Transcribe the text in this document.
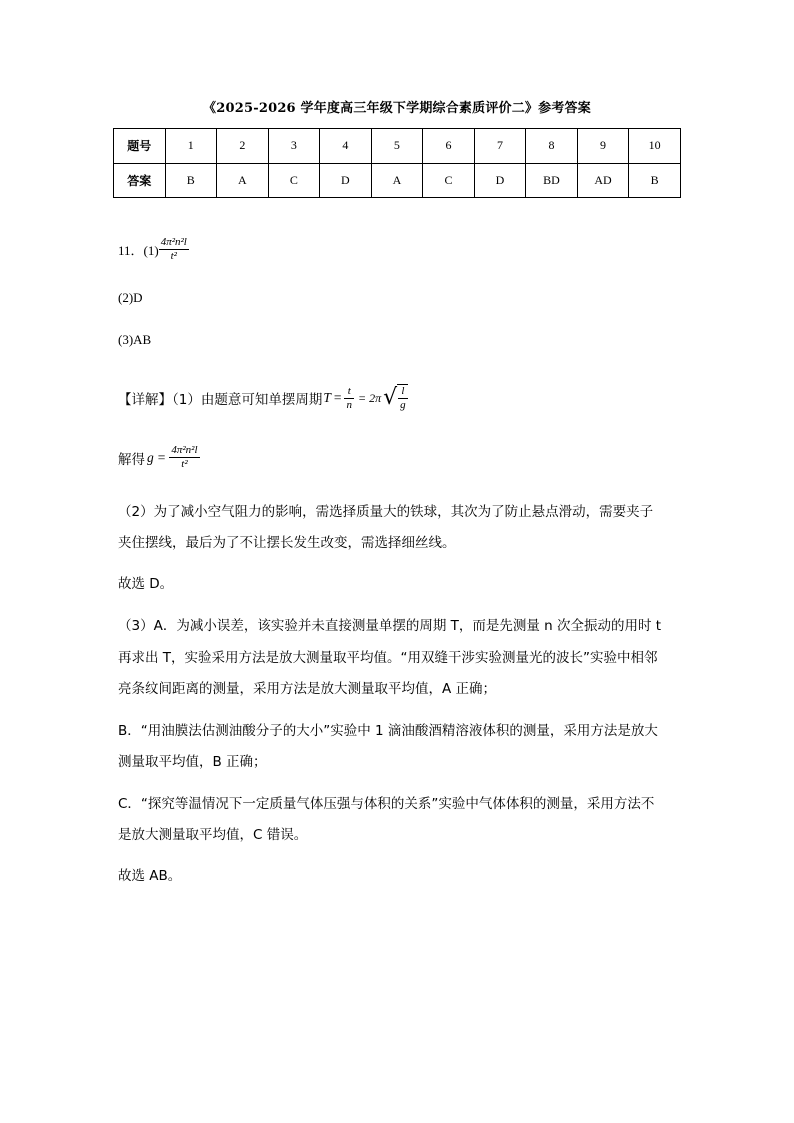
《2025-2026 学年度高三年级下学期综合素质评价二》参考答案
题号	1	2	3	4	5	6	7	8	9	10
答案	B	A	C	D	A	C	D	BD	AD	B
11．$(1) \frac{\text{4π²n²l}}{\text{t²}}$
(2)D
(3)AB
【详解】（1）由题意可知单摆周期 $T = \frac{t}{n} = 2\pi$ √ $\frac{l}{g}$
解得 $g = \frac{\text{4π²n²l}}{\text{t²}}$
（2）为了减小空气阻力的影响，需选择质量大的铁球，其次为了防止悬点滑动，需要夹子
夹住摆线，最后为了不让摆长发生改变，需选择细丝线。
故选 D。
（3）A．为减小误差，该实验并未直接测量单摆的周期 T，而是先测量 n 次全振动的用时 t
再求出 T，实验采用方法是放大测量取平均值。“用双缝干涉实验测量光的波长”实验中相邻
亮条纹间距离的测量，采用方法是放大测量取平均值，A 正确；
B．“用油膜法估测油酸分子的大小”实验中 1 滴油酸酒精溶液体积的测量，采用方法是放大
测量取平均值，B 正确；
C．“探究等温情况下一定质量气体压强与体积的关系”实验中气体体积的测量，采用方法不
是放大测量取平均值，C 错误。
故选 AB。
